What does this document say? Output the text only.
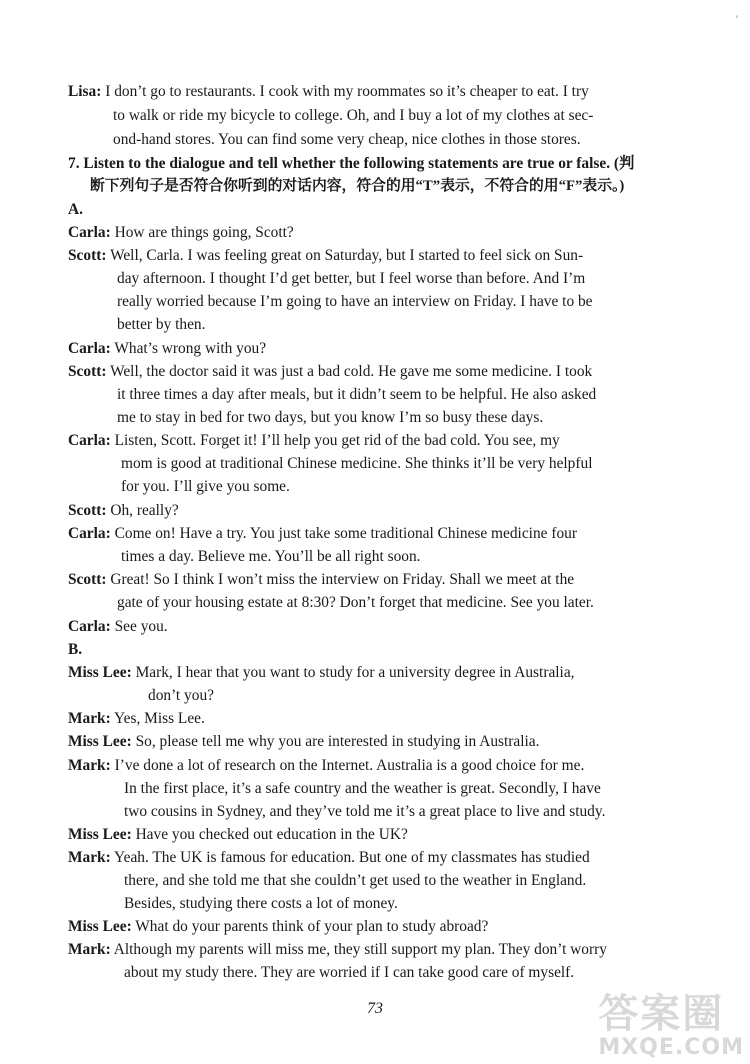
'
Lisa: I don’t go to restaurants. I cook with my roommates so it’s cheaper to eat. I try
to walk or ride my bicycle to college. Oh, and I buy a lot of my clothes at sec-
ond-hand stores. You can find some very cheap, nice clothes in those stores.
7. Listen to the dialogue and tell whether the following statements are true or false. (判
断下列句子是否符合你听到的对话内容，符合的用“T”表示，不符合的用“F”表示。)
A.
Carla: How are things going, Scott?
Scott: Well, Carla. I was feeling great on Saturday, but I started to feel sick on Sun-
day afternoon. I thought I’d get better, but I feel worse than before. And I’m
really worried because I’m going to have an interview on Friday. I have to be
better by then.
Carla: What’s wrong with you?
Scott: Well, the doctor said it was just a bad cold. He gave me some medicine. I took
it three times a day after meals, but it didn’t seem to be helpful. He also asked
me to stay in bed for two days, but you know I’m so busy these days.
Carla: Listen, Scott. Forget it! I’ll help you get rid of the bad cold. You see, my
mom is good at traditional Chinese medicine. She thinks it’ll be very helpful
for you. I’ll give you some.
Scott: Oh, really?
Carla: Come on! Have a try. You just take some traditional Chinese medicine four
times a day. Believe me. You’ll be all right soon.
Scott: Great! So I think I won’t miss the interview on Friday. Shall we meet at the
gate of your housing estate at 8:30? Don’t forget that medicine. See you later.
Carla: See you.
B.
Miss Lee: Mark, I hear that you want to study for a university degree in Australia,
don’t you?
Mark: Yes, Miss Lee.
Miss Lee: So, please tell me why you are interested in studying in Australia.
Mark: I’ve done a lot of research on the Internet. Australia is a good choice for me.
In the first place, it’s a safe country and the weather is great. Secondly, I have
two cousins in Sydney, and they’ve told me it’s a great place to live and study.
Miss Lee: Have you checked out education in the UK?
Mark: Yeah. The UK is famous for education. But one of my classmates has studied
there, and she told me that she couldn’t get used to the weather in England.
Besides, studying there costs a lot of money.
Miss Lee: What do your parents think of your plan to study abroad?
Mark: Although my parents will miss me, they still support my plan. They don’t worry
about my study there. They are worried if I can take good care of myself.
73	答案圈
MXQE.COM
